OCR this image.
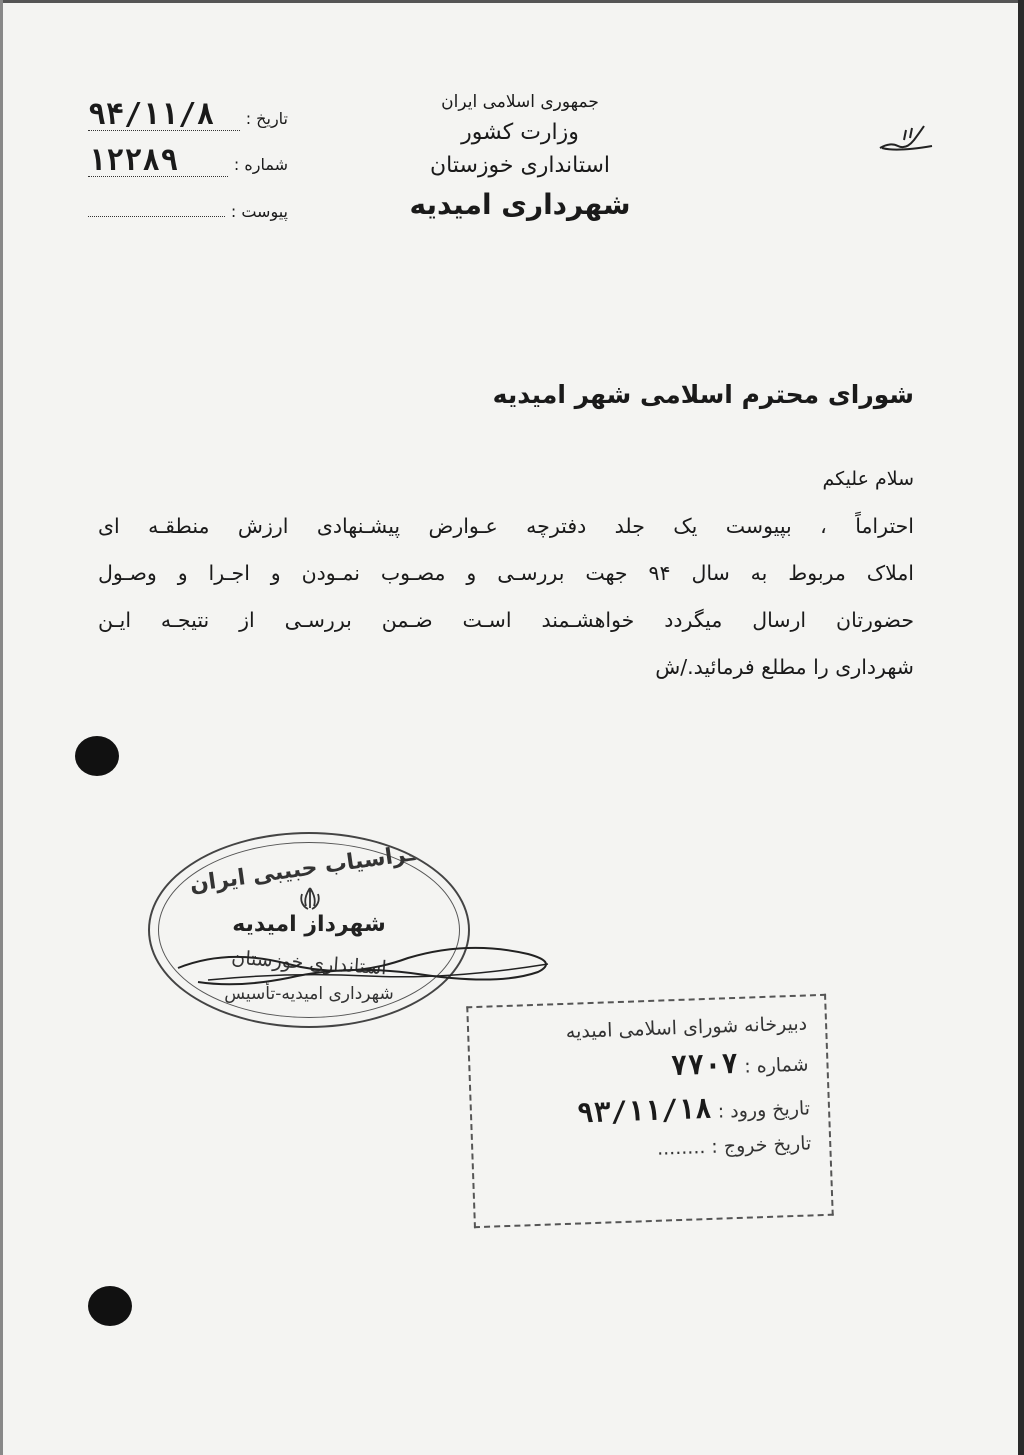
تاریخ :
۹۴/۱۱/۸
شماره :
۱۲۲۸۹
پیوست :
جمهوری اسلامی ایران
وزارت کشور
استانداری خوزستان
شهرداری امیدیه
شورای محترم اسلامی شهر امیدیه
سلام علیکم
احتراماً ، بپیوست یک جلد دفترچه عـوارض پیشـنهادی ارزش منطقـه ای
املاک مربوط به سال ۹۴ جهت بررسـی و مصـوب نمـودن و اجـرا و وصـول
حضورتان ارسال میگردد خواهشـمند اسـت ضـمن بررسـی از نتیجـه ایـن
شهرداری را مطلع فرمائید./ش
افراسیاب حبیبی ایران
شهرداز امیدیه
استانداری خوزستان
شهرداری امیدیه-تأسیس
دبیرخانه شورای اسلامی امیدیه
شماره :
۷۷۰۷
تاریخ ورود :
۹۳/۱۱/۱۸
تاریخ خروج :
........
